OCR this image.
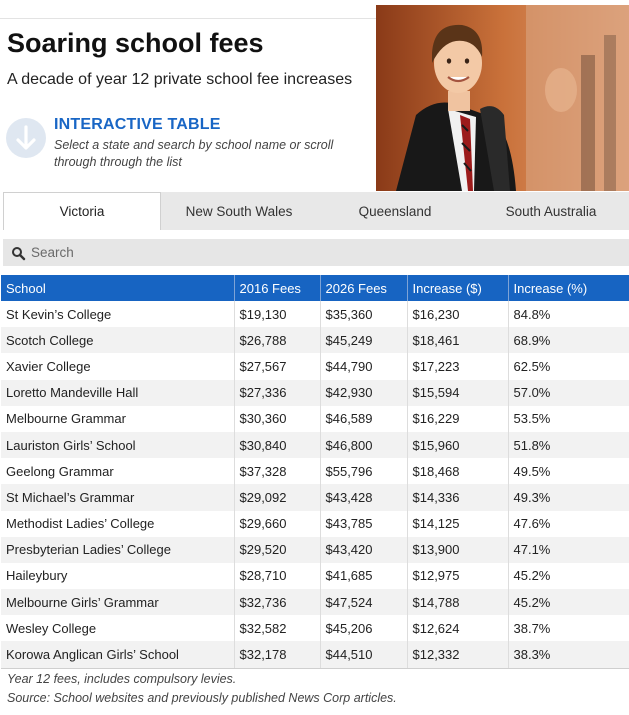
Soaring school fees
A decade of year 12 private school fee increases
INTERACTIVE TABLE
Select a state and search by school name or scroll through through the list
Victoria	New South Wales	Queensland	South Australia
Search
School	2016 Fees	2026 Fees	Increase ($)	Increase (%)
St Kevin’s College	$19,130	$35,360	$16,230	84.8%
Scotch College	$26,788	$45,249	$18,461	68.9%
Xavier College	$27,567	$44,790	$17,223	62.5%
Loretto Mandeville Hall	$27,336	$42,930	$15,594	57.0%
Melbourne Grammar	$30,360	$46,589	$16,229	53.5%
Lauriston Girls’ School	$30,840	$46,800	$15,960	51.8%
Geelong Grammar	$37,328	$55,796	$18,468	49.5%
St Michael’s Grammar	$29,092	$43,428	$14,336	49.3%
Methodist Ladies’ College	$29,660	$43,785	$14,125	47.6%
Presbyterian Ladies’ College	$29,520	$43,420	$13,900	47.1%
Haileybury	$28,710	$41,685	$12,975	45.2%
Melbourne Girls’ Grammar	$32,736	$47,524	$14,788	45.2%
Wesley College	$32,582	$45,206	$12,624	38.7%
Korowa Anglican Girls’ School	$32,178	$44,510	$12,332	38.3%
Year 12 fees, includes compulsory levies.
Source: School websites and previously published News Corp articles.
